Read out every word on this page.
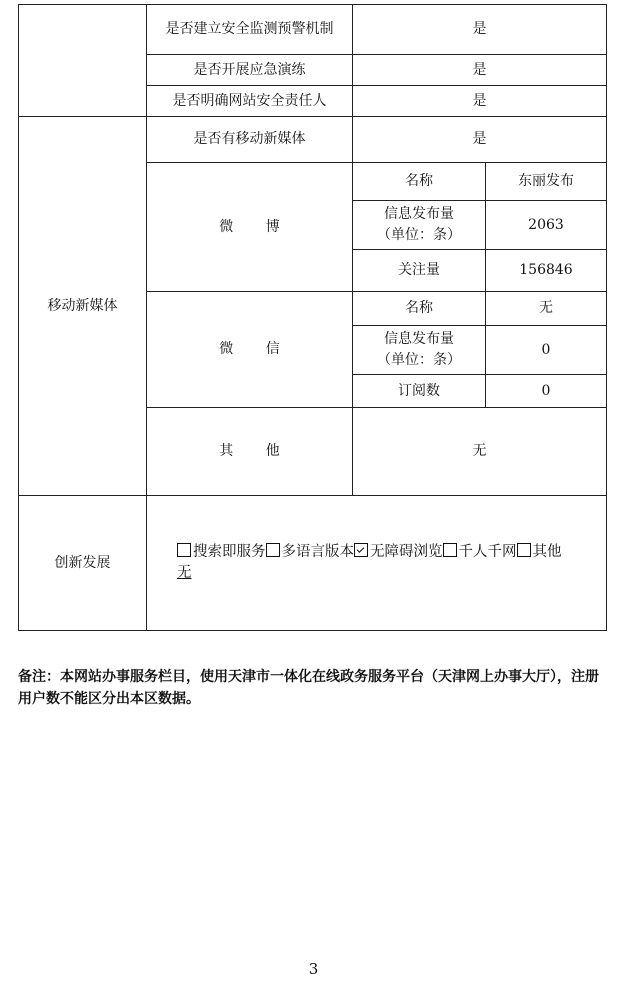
	是否建立安全监测预警机制	是	
	是否开展应急演练	是	
	是否明确网站安全责任人	是	
移动新媒体	是否有移动新媒体	是	
	微 博	名称	东丽发布

		信息发布量
（单位：条）	2063
		关注量	156846
	微 信	名称	无

		信息发布量
（单位：条）	0
		订阅数	0
	其 他	无	
创新发展	搜索即服务 多语言版本 无障碍浏览 千人千网 其他
无		
备注：本网站办事服务栏目，使用天津市一体化在线政务服务平台（天津网上办事大厅），注册用户数不能区分出本区数据。
3
